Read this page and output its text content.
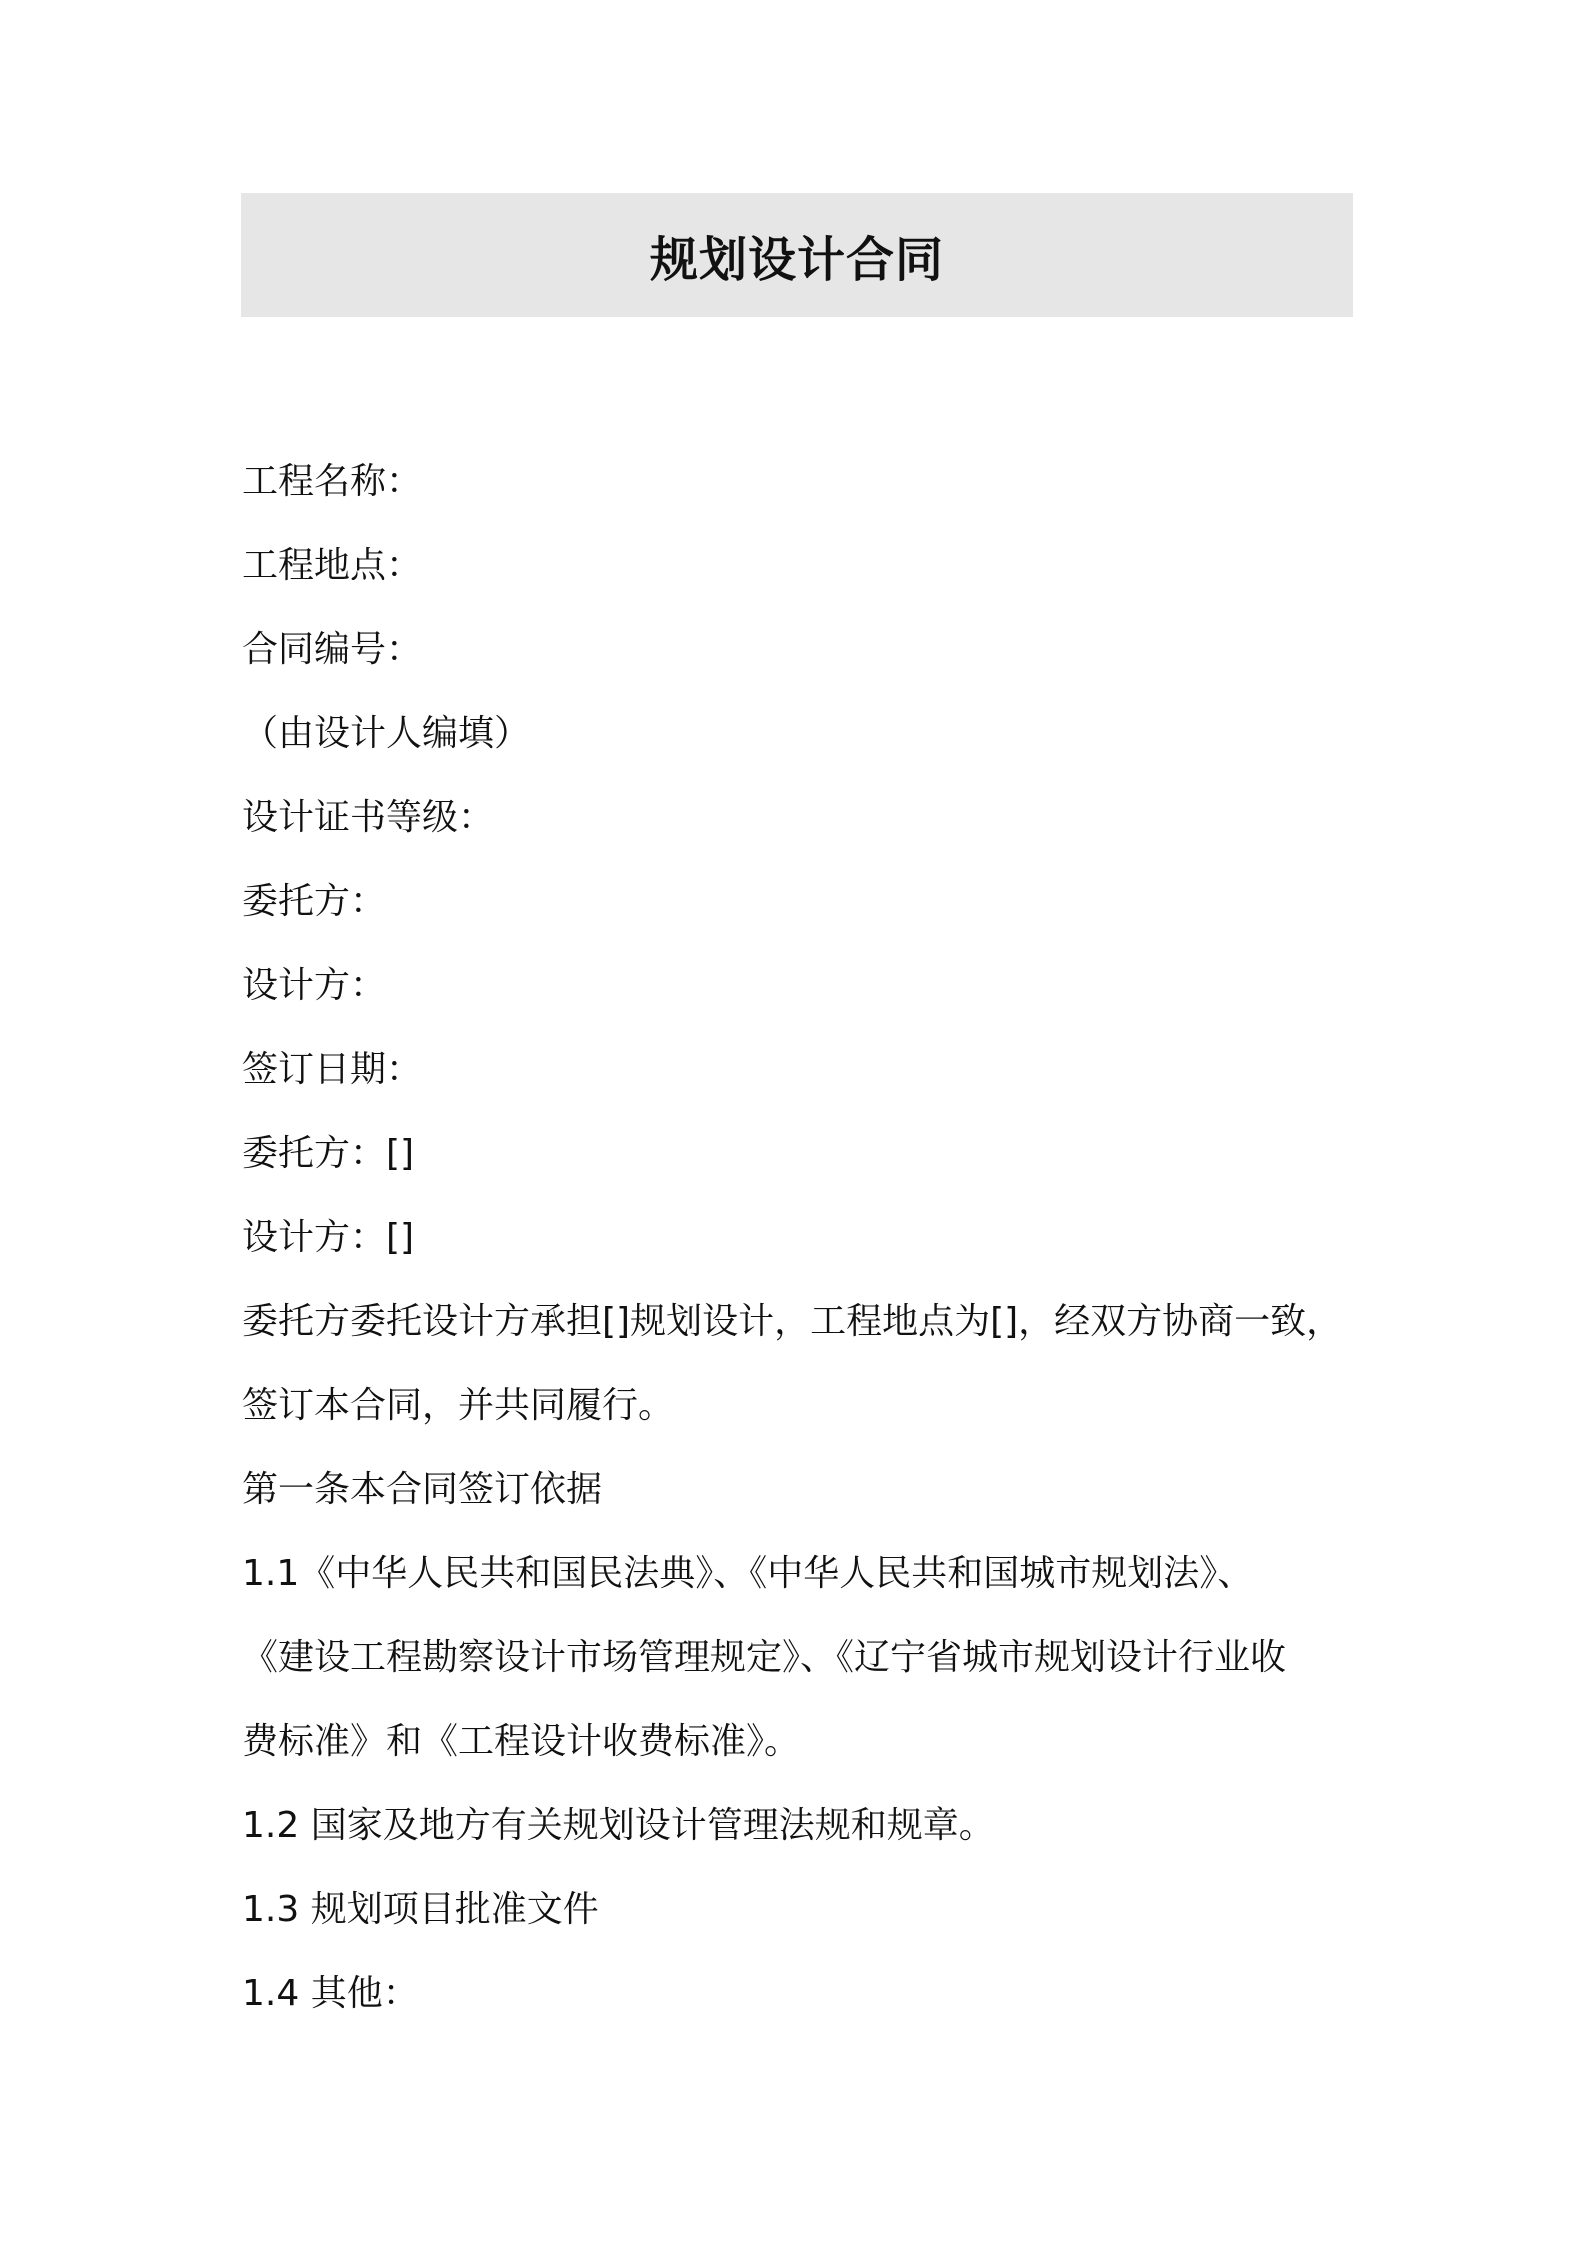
规划设计合同
工程名称：
工程地点：
合同编号：
（由设计人编填）
设计证书等级：
委托方：
设计方：
签订日期：
委托方：[]
设计方：[]
委托方委托设计方承担[]规划设计，工程地点为[]，经双方协商一致，
签订本合同，并共同履行。
第一条本合同签订依据
1.1《中华人民共和国民法典》、《中华人民共和国城市规划法》、
《建设工程勘察设计市场管理规定》、《辽宁省城市规划设计行业收
费标准》和《工程设计收费标准》。
1.2 国家及地方有关规划设计管理法规和规章。
1.3 规划项目批准文件
1.4 其他：
